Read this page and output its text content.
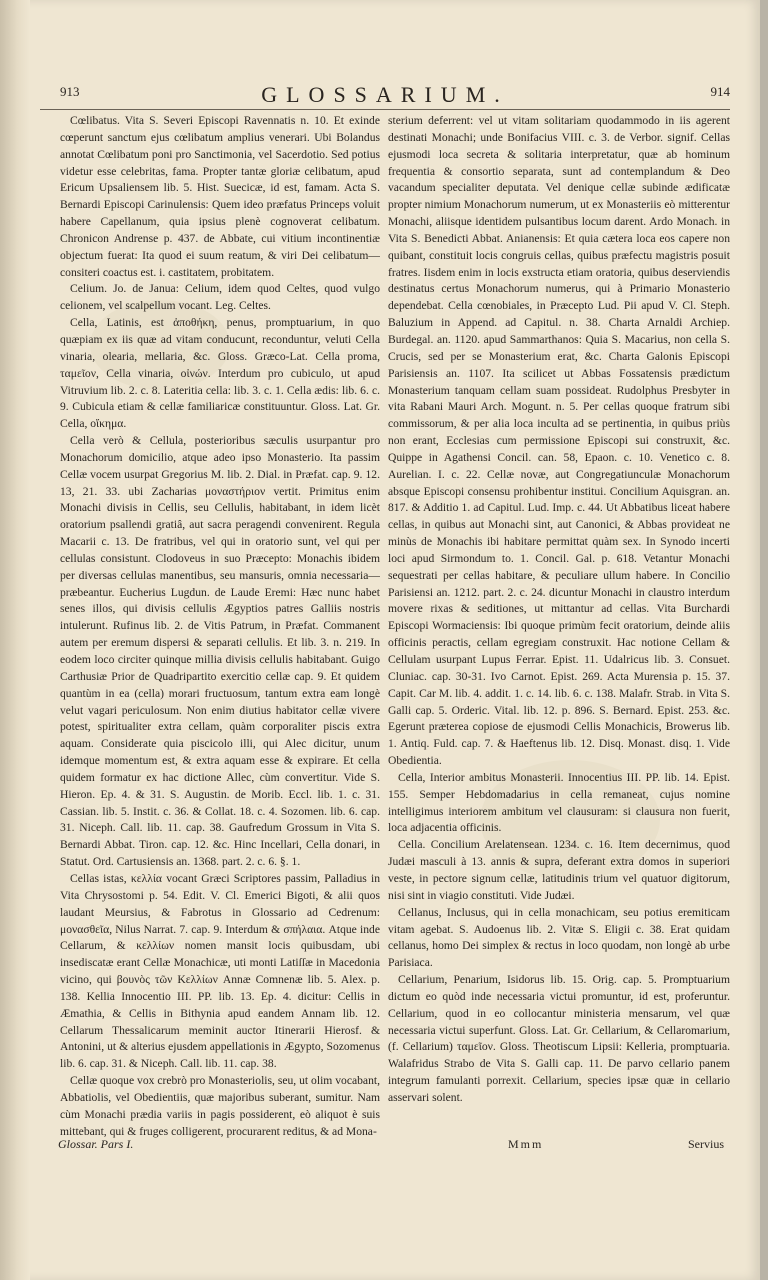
913	GLOSSARIUM.	914

Cœlibatus. Vita S. Severi Episcopi Ravennatis n. 10. Et exinde cœperunt sanctum ejus cœlibatum amplius venerari. Ubi Bolandus annotat Cœlibatum poni pro Sanctimonia, vel Sacerdotio. Sed potius videtur esse celebritas, fama. Propter tantæ gloriæ celibatum, apud Ericum Upsaliensem lib. 5. Hist. Suecicæ, id est, famam. Acta S. Bernardi Episcopi Carinulensis: Quem ideo præfatus Princeps voluit habere Capellanum, quia ipsius plenè cognoverat celibatum. Chronicon Andrense p. 437. de Abbate, cui vitium incontinentiæ objectum fuerat: Ita quod ei suum reatum, & viri Dei celibatum—consiteri coactus est. i. castitatem, probitatem.

Celium. Jo. de Janua: Celium, idem quod Celtes, quod vulgo celionem, vel scalpellum vocant. Leg. Celtes.

Cella, Latinis, est ἀποθήκη, penus, promptuarium, in quo quæpiam ex iis quæ ad vitam conducunt, reconduntur, veluti Cella vinaria, olearia, mellaria, &c. Gloss. Græco-Lat. Cella proma, ταμεῖον, Cella vinaria, οἰνών. Interdum pro cubiculo, ut apud Vitruvium lib. 2. c. 8. Lateritia cella: lib. 3. c. 1. Cella ædis: lib. 6. c. 9. Cubicula etiam & cellæ familiaricæ constituuntur. Gloss. Lat. Gr. Cella, οἴκημα.

Cella verò & Cellula, posterioribus sæculis usurpantur pro Monachorum domicilio, atque adeo ipso Monasterio. Ita passim Cellæ vocem usurpat Gregorius M. lib. 2. Dial. in Præfat. cap. 9. 12. 13, 21. 33. ubi Zacharias μοναστήριον vertit. Primitus enim Monachi divisis in Cellis, seu Cellulis, habitabant, in idem licèt oratorium psallendi gratiâ, aut sacra peragendi convenirent. Regula Macarii c. 13. De fratribus, vel qui in oratorio sunt, vel qui per cellulas consistunt. Clodoveus in suo Præcepto: Monachis ibidem per diversas cellulas manentibus, seu mansuris, omnia necessaria—præbeantur. Eucherius Lugdun. de Laude Eremi: Hæc nunc habet senes illos, qui divisis cellulis Ægyptios patres Galliis nostris intulerunt. Rufinus lib. 2. de Vitis Patrum, in Præfat. Commanent autem per eremum dispersi & separati cellulis. Et lib. 3. n. 219. In eodem loco circiter quinque millia divisis cellulis habitabant. Guigo Carthusiæ Prior de Quadripartito exercitio cellæ cap. 9. Et quidem quantùm in ea (cella) morari fructuosum, tantum extra eam longè velut vagari periculosum. Non enim diutius habitator cellæ vivere potest, spiritualiter extra cellam, quàm corporaliter piscis extra aquam. Considerate quia piscicolo illi, qui Alec dicitur, unum idemque momentum est, & extra aquam esse & expirare. Et cella quidem formatur ex hac dictione Allec, cùm convertitur. Vide S. Hieron. Ep. 4. & 31. S. Augustin. de Morib. Eccl. lib. 1. c. 31. Cassian. lib. 5. Instit. c. 36. & Collat. 18. c. 4. Sozomen. lib. 6. cap. 31. Niceph. Call. lib. 11. cap. 38. Gaufredum Grossum in Vita S. Bernardi Abbat. Tiron. cap. 12. &c. Hinc Incellari, Cella donari, in Statut. Ord. Cartusiensis an. 1368. part. 2. c. 6. §. 1.

Cellas istas, κελλία vocant Græci Scriptores passim, Palladius in Vita Chrysostomi p. 54. Edit. V. Cl. Emerici Bigoti, & alii quos laudant Meursius, & Fabrotus in Glossario ad Cedrenum: μονασθεῖα, Nilus Narrat. 7. cap. 9. Interdum & σπήλαια. Atque inde Cellarum, & κελλίων nomen mansit locis quibusdam, ubi insediscatæ erant Cellæ Monachicæ, uti monti Latiſſæ in Macedonia vicino, qui βουνὸς τῶν Κελλίων Annæ Comnenæ lib. 5. Alex. p. 138. Kellia Innocentio III. PP. lib. 13. Ep. 4. dicitur: Cellis in Æmathia, & Cellis in Bithynia apud eandem Annam lib. 12. Cellarum Thessalicarum meminit auctor Itinerarii Hierosf. & Antonini, ut & alterius ejusdem appellationis in Ægypto, Sozomenus lib. 6. cap. 31. & Niceph. Call. lib. 11. cap. 38.

Cellæ quoque vox crebrò pro Monasteriolis, seu, ut olim vocabant, Abbatiolis, vel Obedientiis, quæ majoribus suberant, sumitur. Nam cùm Monachi prædia variis in pagis possiderent, eò aliquot è suis mittebant, qui & fruges colligerent, procurarent reditus, & ad Mona-

sterium deferrent: vel ut vitam solitariam quodammodo in iis agerent destinati Monachi; unde Bonifacius VIII. c. 3. de Verbor. signif. Cellas ejusmodi loca secreta & solitaria interpretatur, quæ ab hominum frequentia & consortio separata, sunt ad contemplandum & Deo vacandum specialiter deputata. Vel denique cellæ subinde ædificatæ propter nimium Monachorum numerum, ut ex Monasteriis eò mitterentur Monachi, aliisque identidem pulsantibus locum darent. Ardo Monach. in Vita S. Benedicti Abbat. Anianensis: Et quia cætera loca eos capere non quibant, constituit locis congruis cellas, quibus præfectu magistris posuit fratres. Iisdem enim in locis exstructa etiam oratoria, quibus deserviendis destinatus certus Monachorum numerus, qui à Primario Monasterio dependebat. Cella cœnobiales, in Præcepto Lud. Pii apud V. Cl. Steph. Baluzium in Append. ad Capitul. n. 38. Charta Arnaldi Archiep. Burdegal. an. 1120. apud Sammarthanos: Quia S. Macarius, non cella S. Crucis, sed per se Monasterium erat, &c. Charta Galonis Episcopi Parisiensis an. 1107. Ita scilicet ut Abbas Fossatensis prædictum Monasterium tanquam cellam suam possideat. Rudolphus Presbyter in vita Rabani Mauri Arch. Mogunt. n. 5. Per cellas quoque fratrum sibi commissorum, & per alia loca inculta ad se pertinentia, in quibus priùs non erant, Ecclesias cum permissione Episcopi sui construxit, &c. Quippe in Agathensi Concil. can. 58, Epaon. c. 10. Venetico c. 8. Aurelian. I. c. 22. Cellæ novæ, aut Congregatiunculæ Monachorum absque Episcopi consensu prohibentur institui. Concilium Aquisgran. an. 817. & Additio 1. ad Capitul. Lud. Imp. c. 44. Ut Abbatibus liceat habere cellas, in quibus aut Monachi sint, aut Canonici, & Abbas provideat ne minùs de Monachis ibi habitare permittat quàm sex. In Synodo incerti loci apud Sirmondum to. 1. Concil. Gal. p. 618. Vetantur Monachi sequestrati per cellas habitare, & peculiare ullum habere. In Concilio Parisiensi an. 1212. part. 2. c. 24. dicuntur Monachi in claustro interdum movere rixas & seditiones, ut mittantur ad cellas. Vita Burchardi Episcopi Wormaciensis: Ibi quoque primùm fecit oratorium, deinde aliis officinis peractis, cellam egregiam construxit. Hac notione Cellam & Cellulam usurpant Lupus Ferrar. Epist. 11. Udalricus lib. 3. Consuet. Cluniac. cap. 30-31. Ivo Carnot. Epist. 269. Acta Murensia p. 15. 37. Capit. Car M. lib. 4. addit. 1. c. 14. lib. 6. c. 138. Malafr. Strab. in Vita S. Galli cap. 5. Orderic. Vital. lib. 12. p. 896. S. Bernard. Epist. 253. &c. Egerunt præterea copiose de ejusmodi Cellis Monachicis, Browerus lib. 1. Antiq. Fuld. cap. 7. & Haeftenus lib. 12. Disq. Monast. disq. 1. Vide Obedientia.

Cella, Interior ambitus Monasterii. Innocentius III. PP. lib. 14. Epist. 155. Semper Hebdomadarius in cella remaneat, cujus nomine intelligimus interiorem ambitum vel clausuram: si clausura non fuerit, loca adjacentia officinis.

Cella. Concilium Arelatensean. 1234. c. 16. Item decernimus, quod Judæi masculi à 13. annis & supra, deferant extra domos in superiori veste, in pectore signum cellæ, latitudinis trium vel quatuor digitorum, nisi sint in viagio constituti. Vide Judæi.

Cellanus, Inclusus, qui in cella monachicam, seu potius eremiticam vitam agebat. S. Audoenus lib. 2. Vitæ S. Eligii c. 38. Erat quidam cellanus, homo Dei simplex & rectus in loco quodam, non longè ab urbe Parisiaca.

Cellarium, Penarium, Isidorus lib. 15. Orig. cap. 5. Promptuarium dictum eo quòd inde necessaria victui promuntur, id est, proferuntur. Cellarium, quod in eo collocantur ministeria mensarum, vel quæ necessaria victui superfunt. Gloss. Lat. Gr. Cellarium, & Cellaromarium, (f. Cellarium) ταμεῖον. Gloss. Theotiscum Lipsii: Kelleria, promptuaria. Walafridus Strabo de Vita S. Galli cap. 11. De parvo cellario panem integrum famulanti porrexit. Cellarium, species ipsæ quæ in cellario asservari solent.

Glossar. Pars I.	Mmm	Servius
